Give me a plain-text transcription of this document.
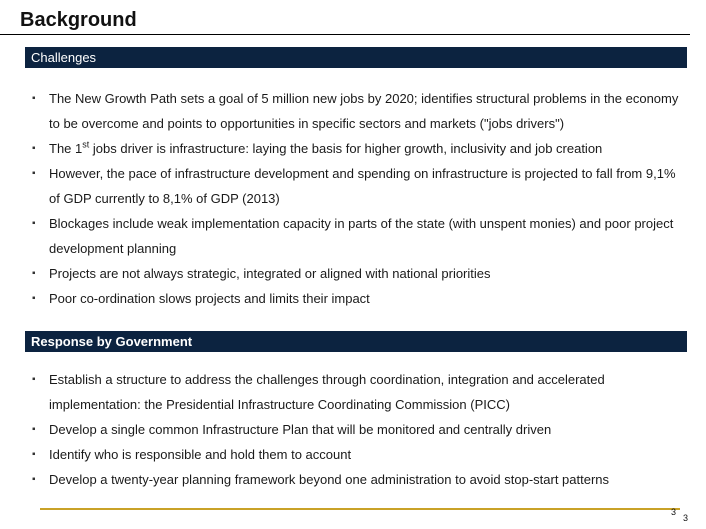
Background
Challenges
▪ The New Growth Path sets a goal of 5 million new jobs by 2020; identifies structural problems in the economy to be overcome and points to opportunities in specific sectors and markets ("jobs drivers")
▪ The 1st jobs driver is infrastructure: laying the basis for higher growth, inclusivity and job creation
▪ However, the pace of infrastructure development and spending on infrastructure is projected to fall from 9,1% of GDP currently to 8,1% of GDP (2013)
▪ Blockages include weak implementation capacity in parts of the state (with unspent monies) and poor project development planning
▪ Projects are not always strategic, integrated or aligned with national priorities
▪ Poor co-ordination slows projects and limits their impact
Response by Government
▪ Establish a structure to address the challenges through coordination, integration and accelerated implementation: the Presidential Infrastructure Coordinating Commission (PICC)
▪ Develop a single common Infrastructure Plan that will be monitored and centrally driven
▪ Identify who is responsible and hold them to account
▪ Develop a twenty-year planning framework beyond one administration to avoid stop-start patterns
3
3
